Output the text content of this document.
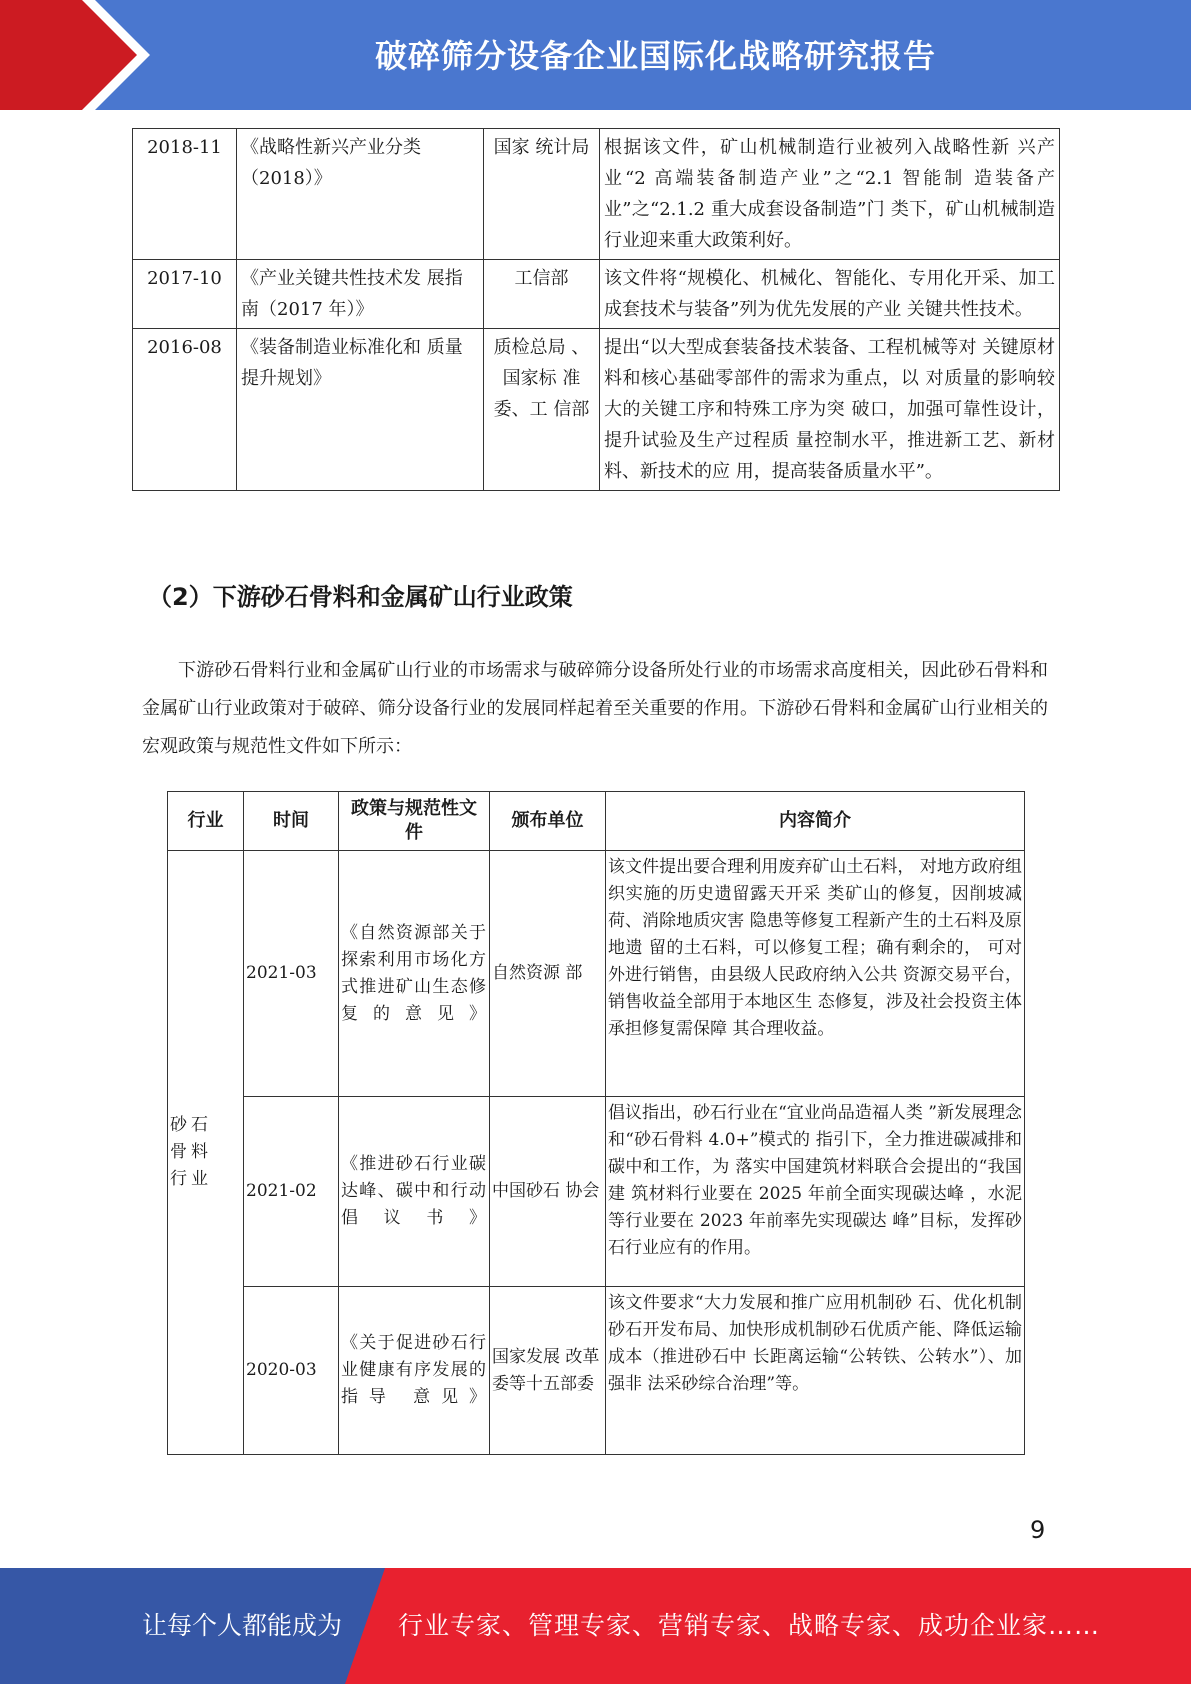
破碎筛分设备企业国际化战略研究报告
2018-11	《战略性新兴产业分类（2018）》	国家 统计局	根据该文件，矿山机械制造行业被列入战略性新 兴产业“2 高端装备制造产业”之“2.1 智能制 造装备产业”之“2.1.2 重大成套设备制造”门 类下，矿山机械制造行业迎来重大政策利好。
2017-10	《产业关键共性技术发 展指南（2017 年）》	工信部	该文件将“规模化、机械化、智能化、专用化开采、加工成套技术与装备”列为优先发展的产业 关键共性技术。
2016-08	《装备制造业标准化和 质量提升规划》	质检总局 、国家标 准委、工 信部	提出“以大型成套装备技术装备、工程机械等对 关键原材料和核心基础零部件的需求为重点，以 对质量的影响较大的关键工序和特殊工序为突 破口，加强可靠性设计，提升试验及生产过程质 量控制水平，推进新工艺、新材料、新技术的应 用，提高装备质量水平”。
（2）下游砂石骨料和金属矿山行业政策
下游砂石骨料行业和金属矿山行业的市场需求与破碎筛分设备所处行业的市场需求高度相关，因此砂石骨料和金属矿山行业政策对于破碎、筛分设备行业的发展同样起着至关重要的作用。下游砂石骨料和金属矿山行业相关的宏观政策与规范性文件如下所示：
行业	时间	政策与规范性文件	颁布单位	内容简介
砂石 骨料 行业	2021-03	《自然资源部关于探索利用市场化方式推进矿山生态修复的意见》	自然资源 部	该文件提出要合理利用废弃矿山土石料， 对地方政府组织实施的历史遗留露天开采 类矿山的修复，因削坡减荷、消除地质灾害 隐患等修复工程新产生的土石料及原地遗 留的土石料，可以修复工程；确有剩余的， 可对外进行销售，由县级人民政府纳入公共 资源交易平台，销售收益全部用于本地区生 态修复，涉及社会投资主体承担修复需保障 其合理收益。
	2021-02	《推进砂石行业碳达峰、碳中和行动倡议书》	中国砂石 协会	倡议指出，砂石行业在“宜业尚品造福人类 ”新发展理念和“砂石骨料 4.0+”模式的 指引下，全力推进碳减排和碳中和工作，为 落实中国建筑材料联合会提出的“我国建 筑材料行业要在 2025 年前全面实现碳达峰 ，水泥等行业要在 2023 年前率先实现碳达 峰”目标，发挥砂石行业应有的作用。
	2020-03	《关于促进砂石行业健康有序发展的指导 意见》	国家发展 改革委等十五部委	该文件要求“大力发展和推广应用机制砂 石、优化机制砂石开发布局、加快形成机制砂石优质产能、降低运输成本（推进砂石中 长距离运输“公转铁、公转水”）、加强非 法采砂综合治理”等。
9
让每个人都能成为 行业专家、管理专家、营销专家、战略专家、成功企业家……
